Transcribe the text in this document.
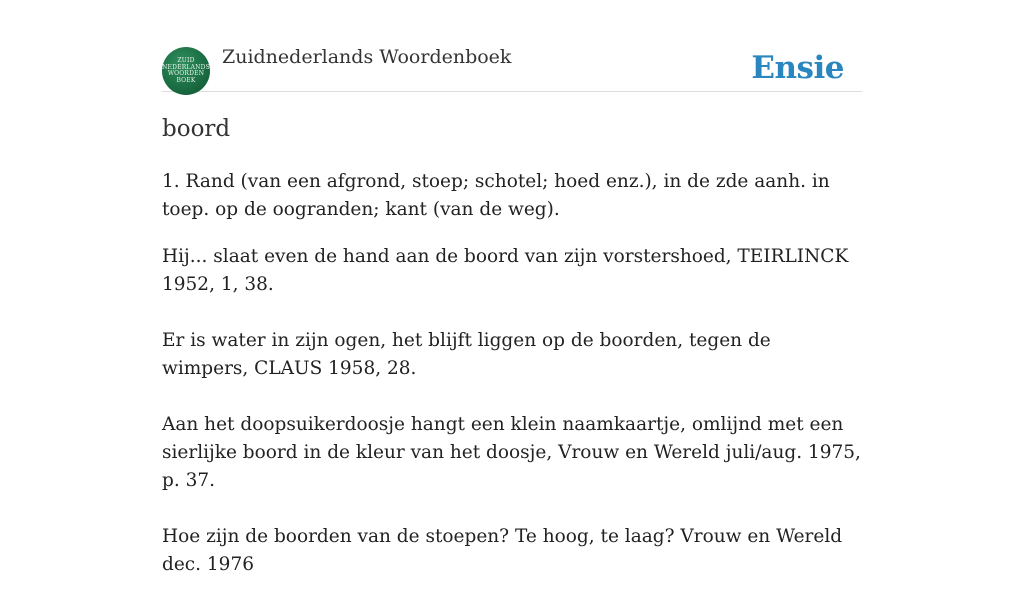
ZUID
NEDERLANDS
WOORDEN
BOEK
Zuidnederlands Woordenboek	Ensie
boord

1. Rand (van een afgrond, stoep; schotel; hoed enz.), in de zde aanh. in toep. op de oogranden; kant (van de weg).

Hij... slaat even de hand aan de boord van zijn vorstershoed, TEIRLINCK 1952, 1, 38.

Er is water in zijn ogen, het blijft liggen op de boorden, tegen de wimpers, CLAUS 1958, 28.

Aan het doopsuikerdoosje hangt een klein naamkaartje, omlijnd met een sierlijke boord in de kleur van het doosje, Vrouw en Wereld juli/aug. 1975, p. 37.

Hoe zijn de boorden van de stoepen? Te hoog, te laag? Vrouw en Wereld dec. 1976
